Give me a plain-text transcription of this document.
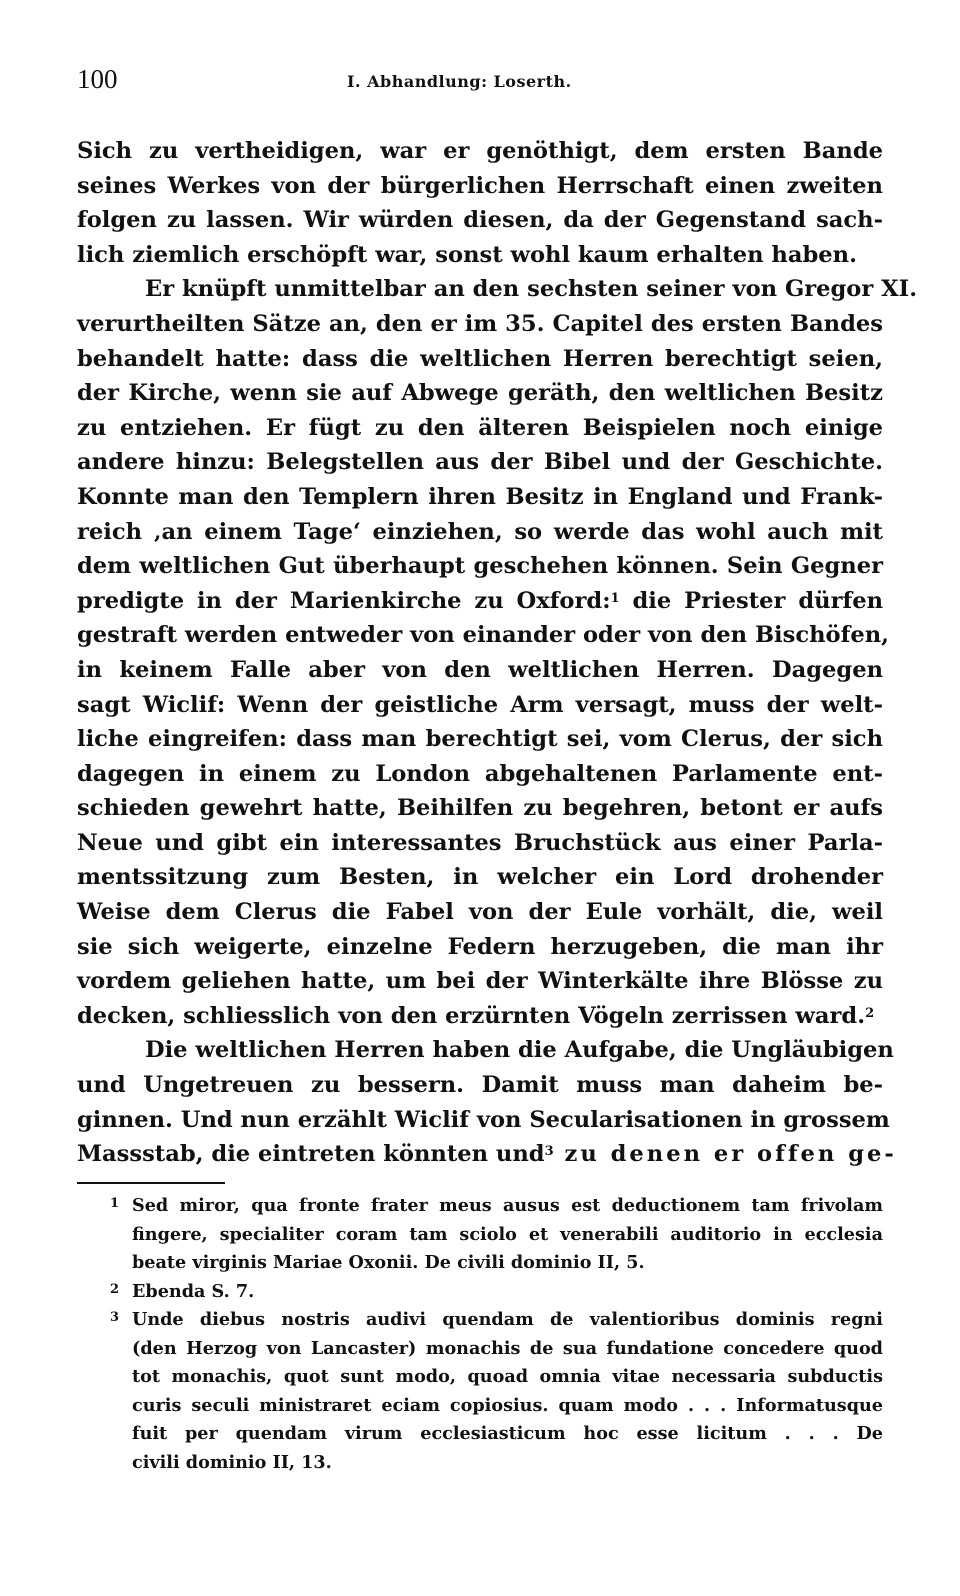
100	I. Abhandlung: Loserth.
Sich zu vertheidigen, war er genöthigt, dem ersten Bande
seines Werkes von der bürgerlichen Herrschaft einen zweiten
folgen zu lassen. Wir würden diesen, da der Gegenstand sach-
lich ziemlich erschöpft war, sonst wohl kaum erhalten haben.
Er knüpft unmittelbar an den sechsten seiner von Gregor XI.
verurtheilten Sätze an, den er im 35. Capitel des ersten Bandes
behandelt hatte: dass die weltlichen Herren berechtigt seien,
der Kirche, wenn sie auf Abwege geräth, den weltlichen Besitz
zu entziehen. Er fügt zu den älteren Beispielen noch einige
andere hinzu: Belegstellen aus der Bibel und der Geschichte.
Konnte man den Templern ihren Besitz in England und Frank-
reich ‚an einem Tage‘ einziehen, so werde das wohl auch mit
dem weltlichen Gut überhaupt geschehen können. Sein Gegner
predigte in der Marienkirche zu Oxford:$^1$ die Priester dürfen
gestraft werden entweder von einander oder von den Bischöfen,
in keinem Falle aber von den weltlichen Herren. Dagegen
sagt Wiclif: Wenn der geistliche Arm versagt, muss der welt-
liche eingreifen: dass man berechtigt sei, vom Clerus, der sich
dagegen in einem zu London abgehaltenen Parlamente ent-
schieden gewehrt hatte, Beihilfen zu begehren, betont er aufs
Neue und gibt ein interessantes Bruchstück aus einer Parla-
mentssitzung zum Besten, in welcher ein Lord drohender
Weise dem Clerus die Fabel von der Eule vorhält, die, weil
sie sich weigerte, einzelne Federn herzugeben, die man ihr
vordem geliehen hatte, um bei der Winterkälte ihre Blösse zu
decken, schliesslich von den erzürnten Vögeln zerrissen ward.$^2$
Die weltlichen Herren haben die Aufgabe, die Ungläubigen
und Ungetreuen zu bessern. Damit muss man daheim be-
ginnen. Und nun erzählt Wiclif von Secularisationen in grossem
Massstab, die eintreten könnten und$^3$ zu denen er offen ge-
1 Sed miror, qua fronte frater meus ausus est deductionem tam frivolam
fingere, specialiter coram tam sciolo et venerabili auditorio in ecclesia
beate virginis Mariae Oxonii. De civili dominio II, 5.
2 Ebenda S. 7.
3 Unde diebus nostris audivi quendam de valentioribus dominis regni
(den Herzog von Lancaster) monachis de sua fundatione concedere quod
tot monachis, quot sunt modo, quoad omnia vitae necessaria subductis
curis seculi ministraret eciam copiosius. quam modo . . . Informatusque
fuit per quendam virum ecclesiasticum hoc esse licitum . . . De
civili dominio II, 13.
